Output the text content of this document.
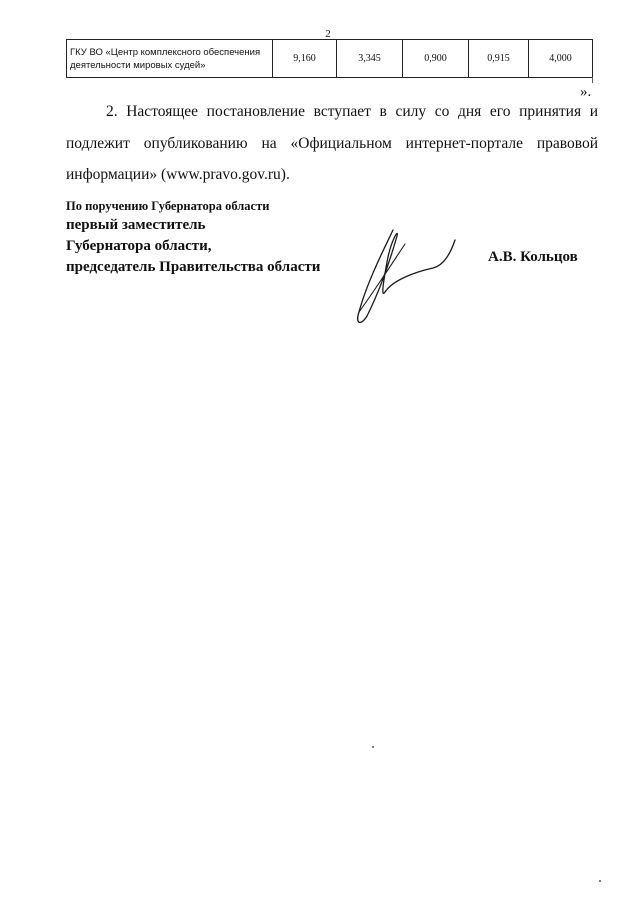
2
ГКУ ВО «Центр комплексного обеспечения деятельности мировых судей»	9,160	3,345	0,900	0,915	4,000
».

2. Настоящее постановление вступает в силу со дня его принятия и подлежит опубликованию на «Официальном интернет-портале правовой информации» (www.pravo.gov.ru).

По поручению Губернатора области
первый заместитель
Губернатора области,
председатель Правительства области
А.В. Кольцов
